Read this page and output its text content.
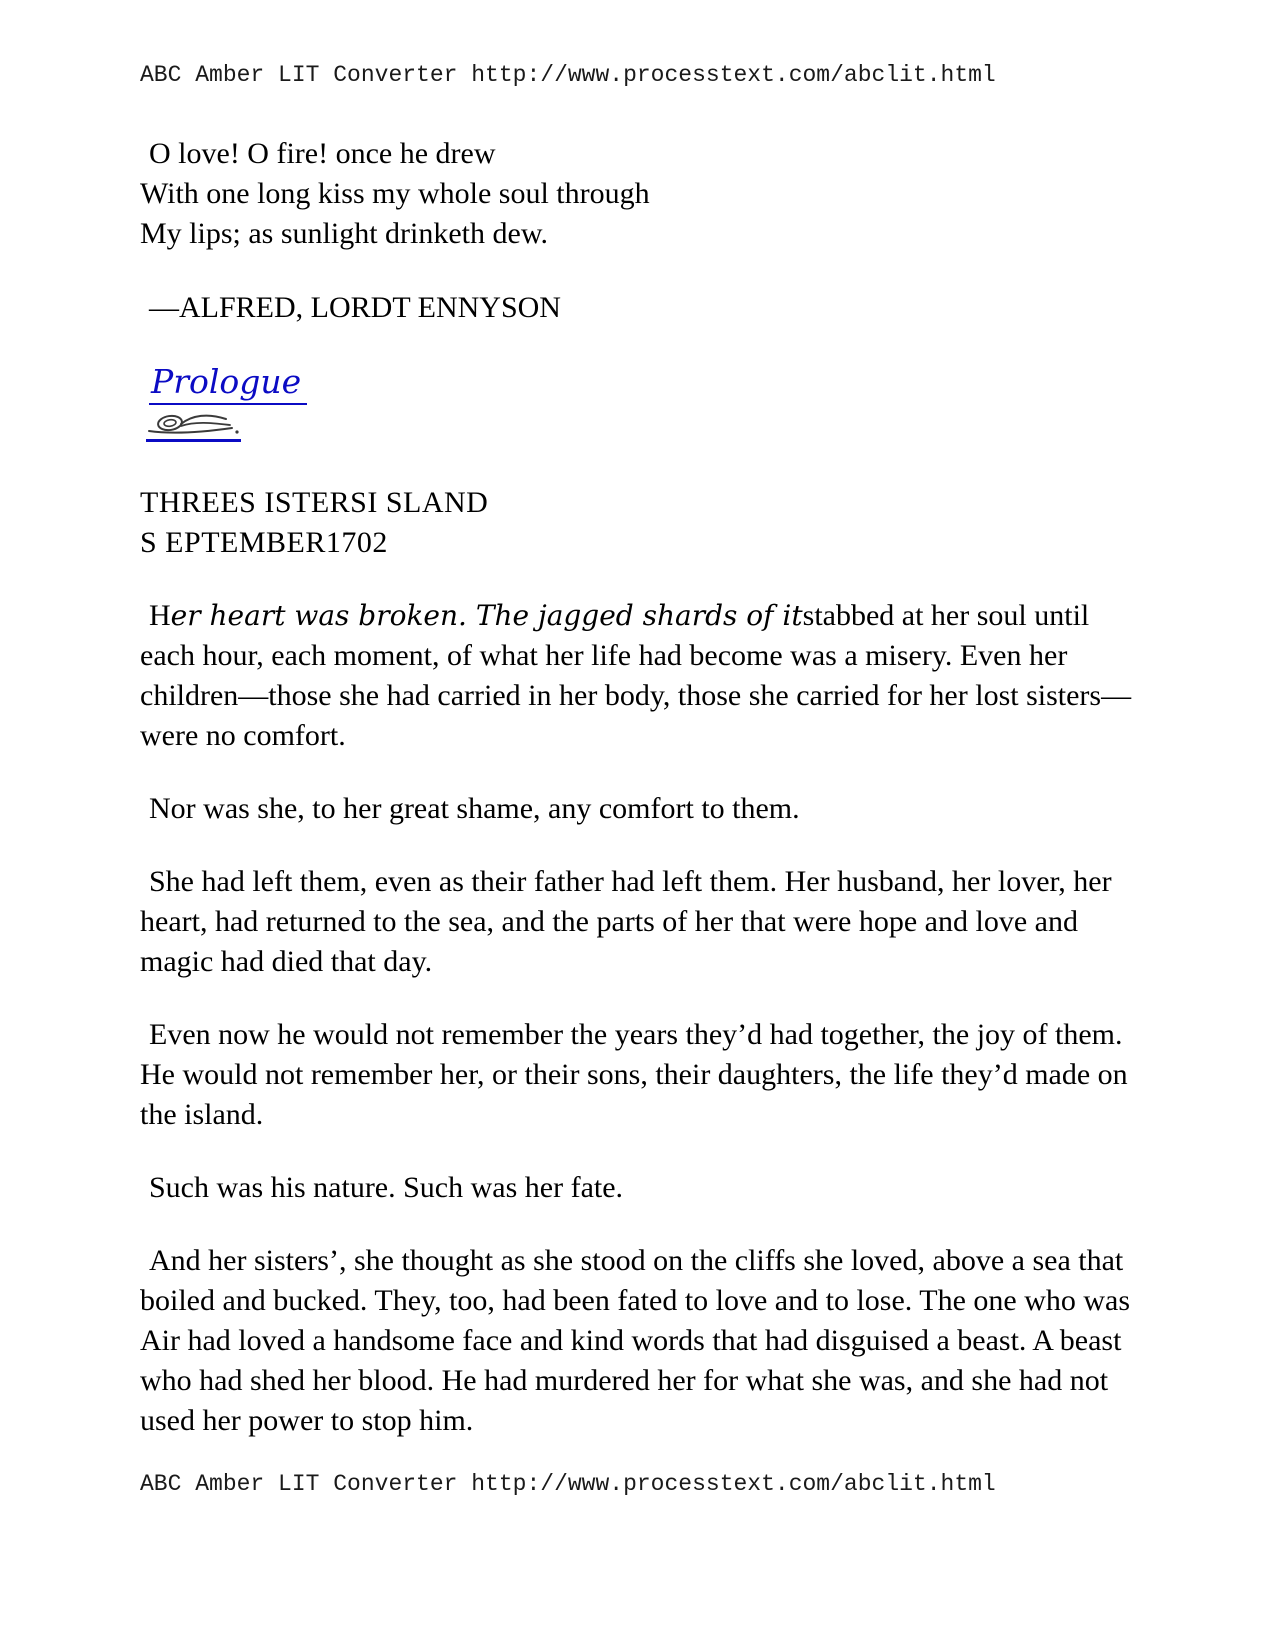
ABC Amber LIT Converter http://www.processtext.com/abclit.html
O love! O fire! once he drew
With one long kiss my whole soul through
My lips; as sunlight drinketh dew.
—ALFRED, LORDT ENNYSON
Prologue

THREES ISTERSI SLAND
S EPTEMBER1702

Her heart was broken. The jagged shards of itstabbed at her soul until each hour, each moment, of what her life had become was a misery. Even her children—those she had carried in her body, those she carried for her lost sisters—were no comfort.

Nor was she, to her great shame, any comfort to them.

She had left them, even as their father had left them. Her husband, her lover, her heart, had returned to the sea, and the parts of her that were hope and love and magic had died that day.

Even now he would not remember the years they’d had together, the joy of them. He would not remember her, or their sons, their daughters, the life they’d made on the island.

Such was his nature. Such was her fate.

And her sisters’, she thought as she stood on the cliffs she loved, above a sea that boiled and bucked. They, too, had been fated to love and to lose. The one who was Air had loved a handsome face and kind words that had disguised a beast. A beast who had shed her blood. He had murdered her for what she was, and she had not used her power to stop him.

ABC Amber LIT Converter http://www.processtext.com/abclit.html
